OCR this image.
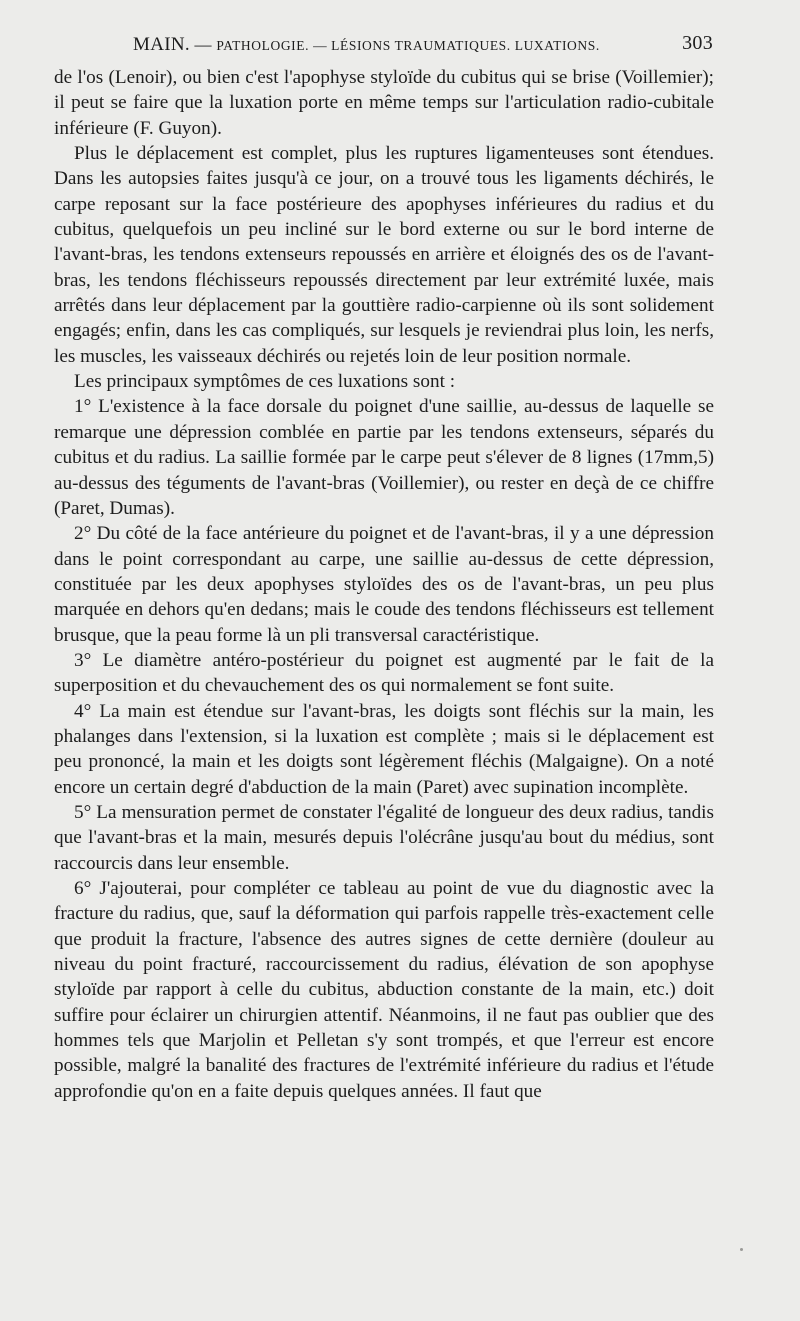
MAIN. — PATHOLOGIE. — LÉSIONS TRAUMATIQUES. LUXATIONS.	303

de l'os (Lenoir), ou bien c'est l'apophyse styloïde du cubitus qui se brise (Voillemier); il peut se faire que la luxation porte en même temps sur l'articulation radio-cubitale inférieure (F. Guyon).

Plus le déplacement est complet, plus les ruptures ligamenteuses sont étendues. Dans les autopsies faites jusqu'à ce jour, on a trouvé tous les ligaments déchirés, le carpe reposant sur la face postérieure des apophyses inférieures du radius et du cubitus, quelquefois un peu incliné sur le bord externe ou sur le bord interne de l'avant-bras, les tendons extenseurs repoussés en arrière et éloignés des os de l'avant-bras, les tendons fléchisseurs repoussés directement par leur extrémité luxée, mais arrêtés dans leur déplacement par la gouttière radio-carpienne où ils sont solidement engagés; enfin, dans les cas compliqués, sur lesquels je reviendrai plus loin, les nerfs, les muscles, les vaisseaux déchirés ou rejetés loin de leur position normale.

Les principaux symptômes de ces luxations sont :

1° L'existence à la face dorsale du poignet d'une saillie, au-dessus de laquelle se remarque une dépression comblée en partie par les tendons extenseurs, séparés du cubitus et du radius. La saillie formée par le carpe peut s'élever de 8 lignes (17mm,5) au-dessus des téguments de l'avant-bras (Voillemier), ou rester en deçà de ce chiffre (Paret, Dumas).

2° Du côté de la face antérieure du poignet et de l'avant-bras, il y a une dépression dans le point correspondant au carpe, une saillie au-dessus de cette dépression, constituée par les deux apophyses styloïdes des os de l'avant-bras, un peu plus marquée en dehors qu'en dedans; mais le coude des tendons fléchisseurs est tellement brusque, que la peau forme là un pli transversal caractéristique.

3° Le diamètre antéro-postérieur du poignet est augmenté par le fait de la superposition et du chevauchement des os qui normalement se font suite.

4° La main est étendue sur l'avant-bras, les doigts sont fléchis sur la main, les phalanges dans l'extension, si la luxation est complète ; mais si le déplacement est peu prononcé, la main et les doigts sont légèrement fléchis (Malgaigne). On a noté encore un certain degré d'abduction de la main (Paret) avec supination incomplète.

5° La mensuration permet de constater l'égalité de longueur des deux radius, tandis que l'avant-bras et la main, mesurés depuis l'olécrâne jusqu'au bout du médius, sont raccourcis dans leur ensemble.

6° J'ajouterai, pour compléter ce tableau au point de vue du diagnostic avec la fracture du radius, que, sauf la déformation qui parfois rappelle très-exactement celle que produit la fracture, l'absence des autres signes de cette dernière (douleur au niveau du point fracturé, raccourcissement du radius, élévation de son apophyse styloïde par rapport à celle du cubitus, abduction constante de la main, etc.) doit suffire pour éclairer un chirurgien attentif. Néanmoins, il ne faut pas oublier que des hommes tels que Marjolin et Pelletan s'y sont trompés, et que l'erreur est encore possible, malgré la banalité des fractures de l'extrémité inférieure du radius et l'étude approfondie qu'on en a faite depuis quelques années. Il faut que
